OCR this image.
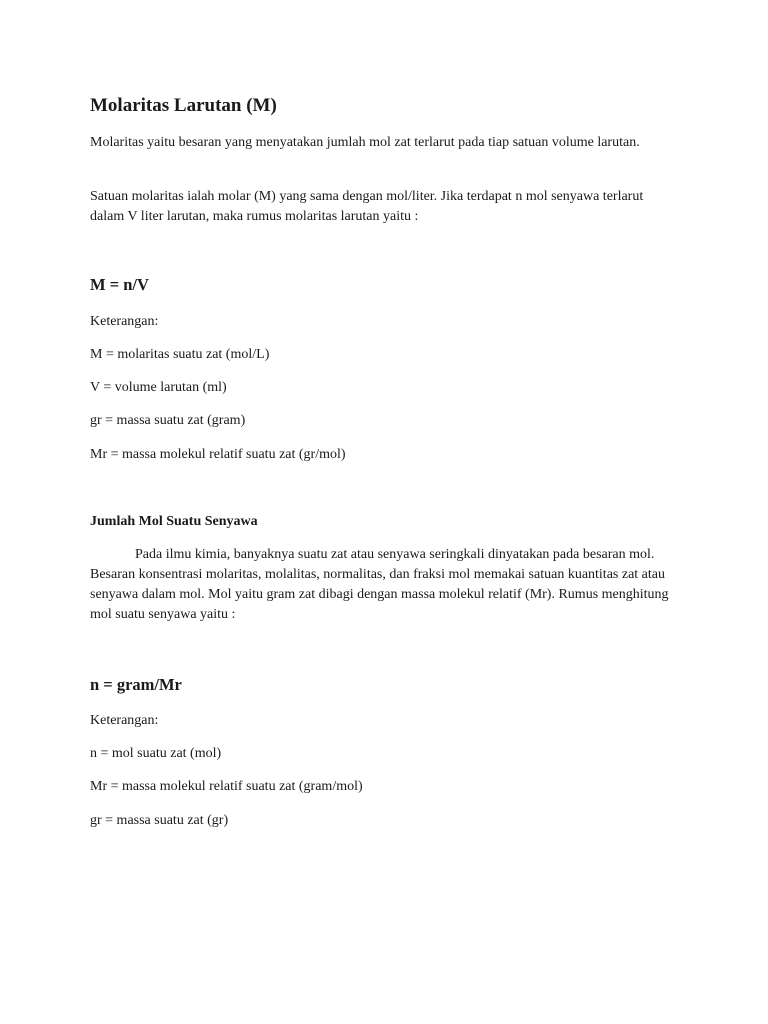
Molaritas Larutan (M)

Molaritas yaitu besaran yang menyatakan jumlah mol zat terlarut pada tiap satuan volume larutan.

Satuan molaritas ialah molar (M) yang sama dengan mol/liter. Jika terdapat n mol senyawa terlarut dalam V liter larutan, maka rumus molaritas larutan yaitu :

M = n/V
Keterangan:
M = molaritas suatu zat (mol/L)
V = volume larutan (ml)
gr = massa suatu zat (gram)
Mr = massa molekul relatif suatu zat (gr/mol)
Jumlah Mol Suatu Senyawa

Pada ilmu kimia, banyaknya suatu zat atau senyawa seringkali dinyatakan pada besaran mol. Besaran konsentrasi molaritas, molalitas, normalitas, dan fraksi mol memakai satuan kuantitas zat atau senyawa dalam mol. Mol yaitu gram zat dibagi dengan massa molekul relatif (Mr). Rumus menghitung mol suatu senyawa yaitu :

n = gram/Mr
Keterangan:
n = mol suatu zat (mol)
Mr = massa molekul relatif suatu zat (gram/mol)
gr = massa suatu zat (gr)
